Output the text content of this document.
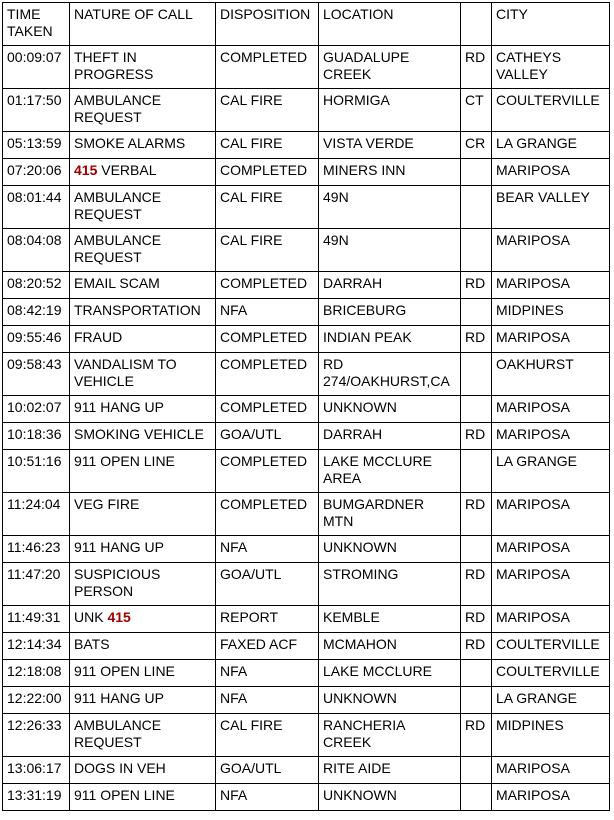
TIME TAKEN	NATURE OF CALL	DISPOSITION	LOCATION		CITY
00:09:07	THEFT IN PROGRESS	COMPLETED	GUADALUPE CREEK	RD	CATHEYS VALLEY
01:17:50	AMBULANCE REQUEST	CAL FIRE	HORMIGA	CT	COULTERVILLE
05:13:59	SMOKE ALARMS	CAL FIRE	VISTA VERDE	CR	LA GRANGE
07:20:06	415 VERBAL	COMPLETED	MINERS INN		MARIPOSA
08:01:44	AMBULANCE REQUEST	CAL FIRE	49N		BEAR VALLEY
08:04:08	AMBULANCE REQUEST	CAL FIRE	49N		MARIPOSA
08:20:52	EMAIL SCAM	COMPLETED	DARRAH	RD	MARIPOSA
08:42:19	TRANSPORTATION	NFA	BRICEBURG		MIDPINES
09:55:46	FRAUD	COMPLETED	INDIAN PEAK	RD	MARIPOSA
09:58:43	VANDALISM TO VEHICLE	COMPLETED	RD 274/OAKHURST,CA		OAKHURST
10:02:07	911 HANG UP	COMPLETED	UNKNOWN		MARIPOSA
10:18:36	SMOKING VEHICLE	GOA/UTL	DARRAH	RD	MARIPOSA
10:51:16	911 OPEN LINE	COMPLETED	LAKE MCCLURE AREA		LA GRANGE
11:24:04	VEG FIRE	COMPLETED	BUMGARDNER MTN	RD	MARIPOSA
11:46:23	911 HANG UP	NFA	UNKNOWN		MARIPOSA
11:47:20	SUSPICIOUS PERSON	GOA/UTL	STROMING	RD	MARIPOSA
11:49:31	UNK 415	REPORT	KEMBLE	RD	MARIPOSA
12:14:34	BATS	FAXED ACF	MCMAHON	RD	COULTERVILLE
12:18:08	911 OPEN LINE	NFA	LAKE MCCLURE		COULTERVILLE
12:22:00	911 HANG UP	NFA	UNKNOWN		LA GRANGE
12:26:33	AMBULANCE REQUEST	CAL FIRE	RANCHERIA CREEK	RD	MIDPINES
13:06:17	DOGS IN VEH	GOA/UTL	RITE AIDE		MARIPOSA
13:31:19	911 OPEN LINE	NFA	UNKNOWN		MARIPOSA
